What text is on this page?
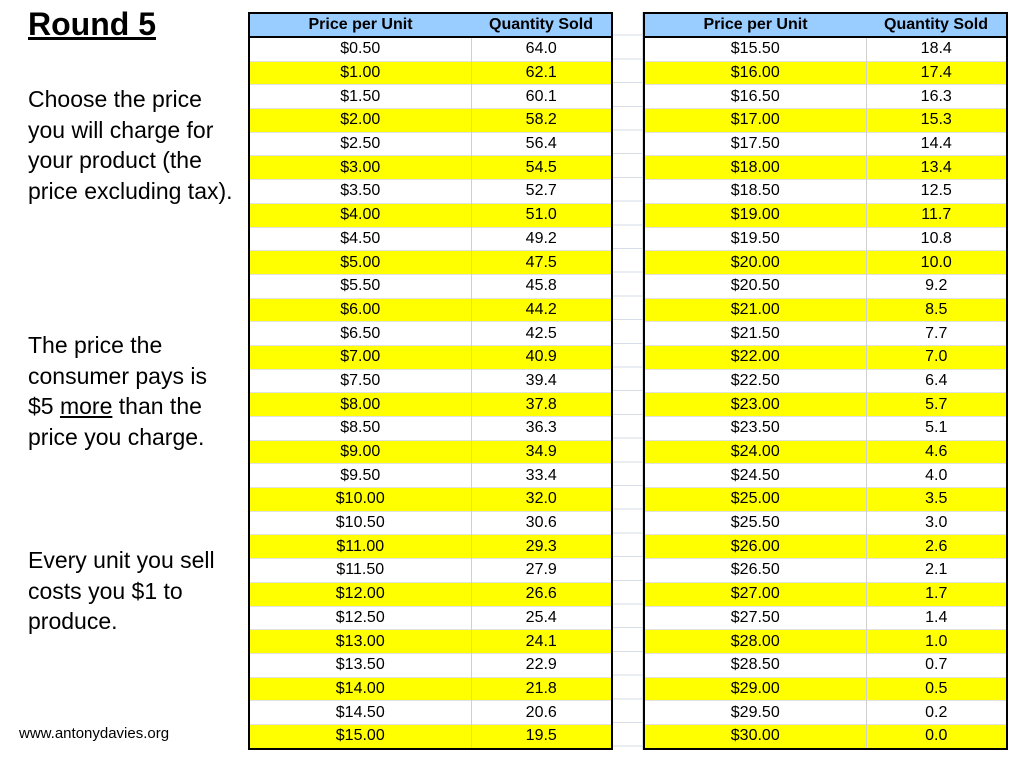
Round 5
Choose the price you will charge for your product (the price excluding tax).
The price the consumer pays is $5 more than the price you charge.
Every unit you sell costs you $1 to produce.
www.antonydavies.org
Price per Unit	Quantity Sold
$0.50	64.0
$1.00	62.1
$1.50	60.1
$2.00	58.2
$2.50	56.4
$3.00	54.5
$3.50	52.7
$4.00	51.0
$4.50	49.2
$5.00	47.5
$5.50	45.8
$6.00	44.2
$6.50	42.5
$7.00	40.9
$7.50	39.4
$8.00	37.8
$8.50	36.3
$9.00	34.9
$9.50	33.4
$10.00	32.0
$10.50	30.6
$11.00	29.3
$11.50	27.9
$12.00	26.6
$12.50	25.4
$13.00	24.1
$13.50	22.9
$14.00	21.8
$14.50	20.6
$15.00	19.5
Price per Unit	Quantity Sold
$15.50	18.4
$16.00	17.4
$16.50	16.3
$17.00	15.3
$17.50	14.4
$18.00	13.4
$18.50	12.5
$19.00	11.7
$19.50	10.8
$20.00	10.0
$20.50	9.2
$21.00	8.5
$21.50	7.7
$22.00	7.0
$22.50	6.4
$23.00	5.7
$23.50	5.1
$24.00	4.6
$24.50	4.0
$25.00	3.5
$25.50	3.0
$26.00	2.6
$26.50	2.1
$27.00	1.7
$27.50	1.4
$28.00	1.0
$28.50	0.7
$29.00	0.5
$29.50	0.2
$30.00	0.0
